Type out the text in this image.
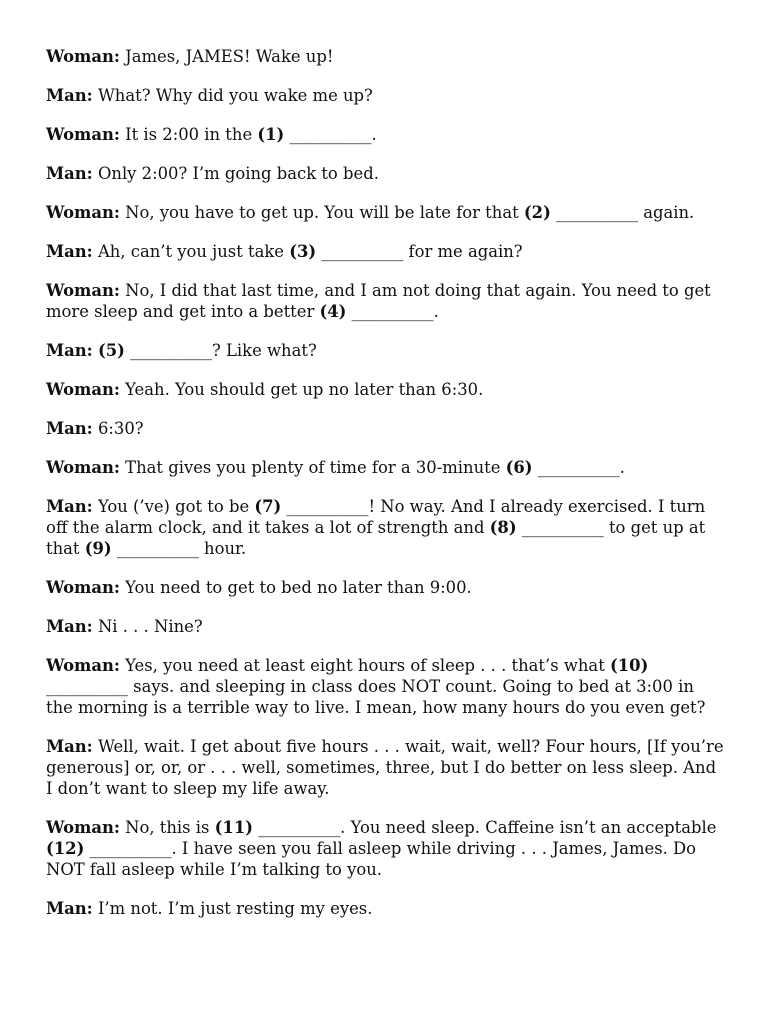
Woman: James, JAMES! Wake up!

Man: What? Why did you wake me up?

Woman: It is 2:00 in the (1) __________.

Man: Only 2:00? I’m going back to bed.

Woman: No, you have to get up. You will be late for that (2) __________ again.

Man: Ah, can’t you just take (3) __________ for me again?

Woman: No, I did that last time, and I am not doing that again. You need to get more sleep and get into a better (4) __________.

Man: (5) __________? Like what?

Woman: Yeah. You should get up no later than 6:30.

Man: 6:30?

Woman: That gives you plenty of time for a 30-minute (6) __________.

Man: You (’ve) got to be (7) __________! No way. And I already exercised. I turn off the alarm clock, and it takes a lot of strength and (8) __________ to get up at that (9) __________ hour.

Woman: You need to get to bed no later than 9:00.

Man: Ni . . . Nine?

Woman: Yes, you need at least eight hours of sleep . . . that’s what (10) __________ says. and sleeping in class does NOT count. Going to bed at 3:00 in the morning is a terrible way to live. I mean, how many hours do you even get?

Man: Well, wait. I get about five hours . . . wait, wait, well? Four hours, [If you’re generous] or, or, or . . . well, sometimes, three, but I do better on less sleep. And I don’t want to sleep my life away.

Woman: No, this is (11) __________. You need sleep. Caffeine isn’t an acceptable (12) __________. I have seen you fall asleep while driving . . . James, James. Do NOT fall asleep while I’m talking to you.

Man: I’m not. I’m just resting my eyes.
